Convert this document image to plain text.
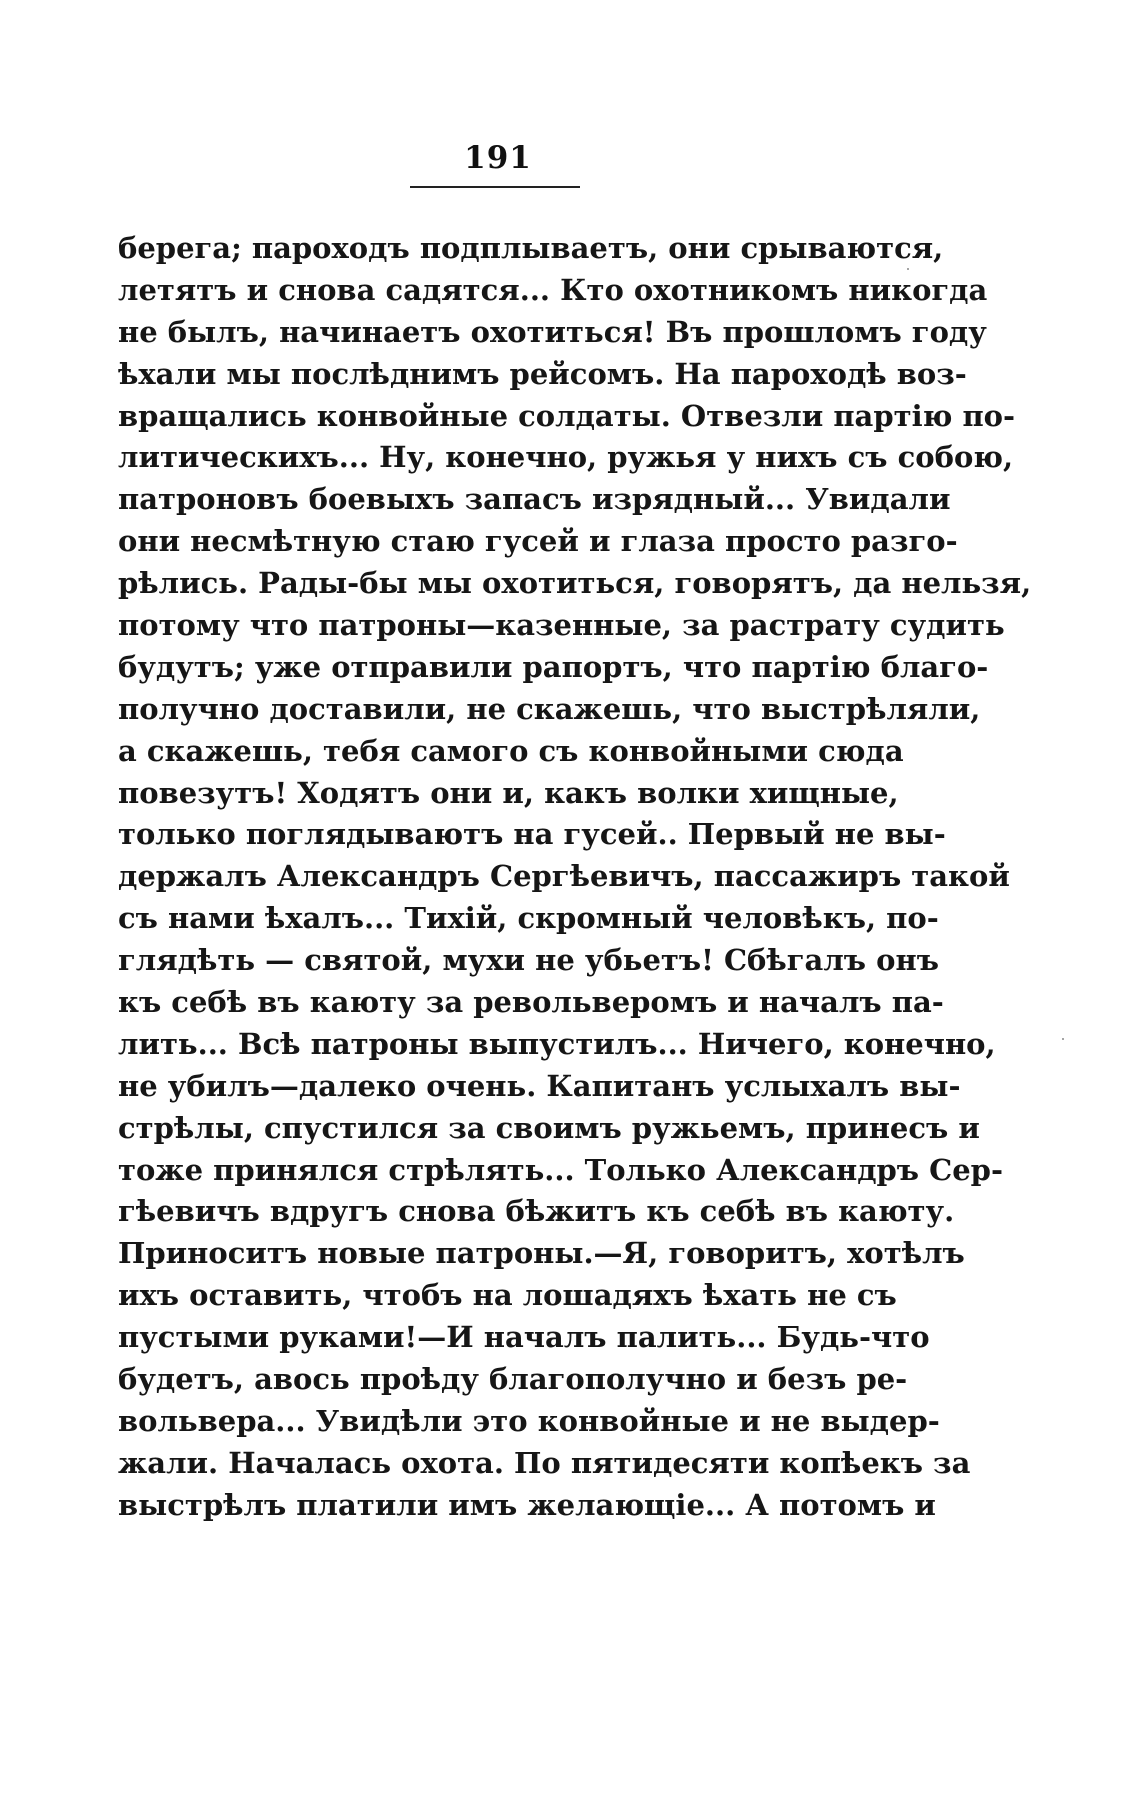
191
берега; пароходъ подплываетъ, они срываются,
летятъ и снова садятся... Кто охотникомъ никогда
не былъ, начинаетъ охотиться! Въ прошломъ году
ѣхали мы послѣднимъ рейсомъ. На пароходѣ воз-
вращались конвойные солдаты. Отвезли партію по-
литическихъ... Ну, конечно, ружья у нихъ съ собою,
патроновъ боевыхъ запасъ изрядный... Увидали
они несмѣтную стаю гусей и глаза просто разго-
рѣлись. Рады-бы мы охотиться, говорятъ, да нельзя,
потому что патроны—казенные, за растрату судить
будутъ; уже отправили рапортъ, что партію благо-
получно доставили, не скажешь, что выстрѣляли,
а скажешь, тебя самого съ конвойными сюда
повезутъ! Ходятъ они и, какъ волки хищные,
только поглядываютъ на гусей.. Первый не вы-
держалъ Александръ Сергѣевичъ, пассажиръ такой
съ нами ѣхалъ... Тихій, скромный человѣкъ, по-
глядѣть — святой, мухи не убьетъ! Сбѣгалъ онъ
къ себѣ въ каюту за револьверомъ и началъ па-
лить... Всѣ патроны выпустилъ... Ничего, конечно,
не убилъ—далеко очень. Капитанъ услыхалъ вы-
стрѣлы, спустился за своимъ ружьемъ, принесъ и
тоже принялся стрѣлять... Только Александръ Сер-
гѣевичъ вдругъ снова бѣжитъ къ себѣ въ каюту.
Приноситъ новые патроны.—Я, говоритъ, хотѣлъ
ихъ оставить, чтобъ на лошадяхъ ѣхать не съ
пустыми руками!—И началъ палить... Будь-что
будетъ, авось проѣду благополучно и безъ ре-
вольвера... Увидѣли это конвойные и не выдер-
жали. Началась охота. По пятидесяти копѣекъ за
выстрѣлъ платили имъ желающіе... А потомъ и
